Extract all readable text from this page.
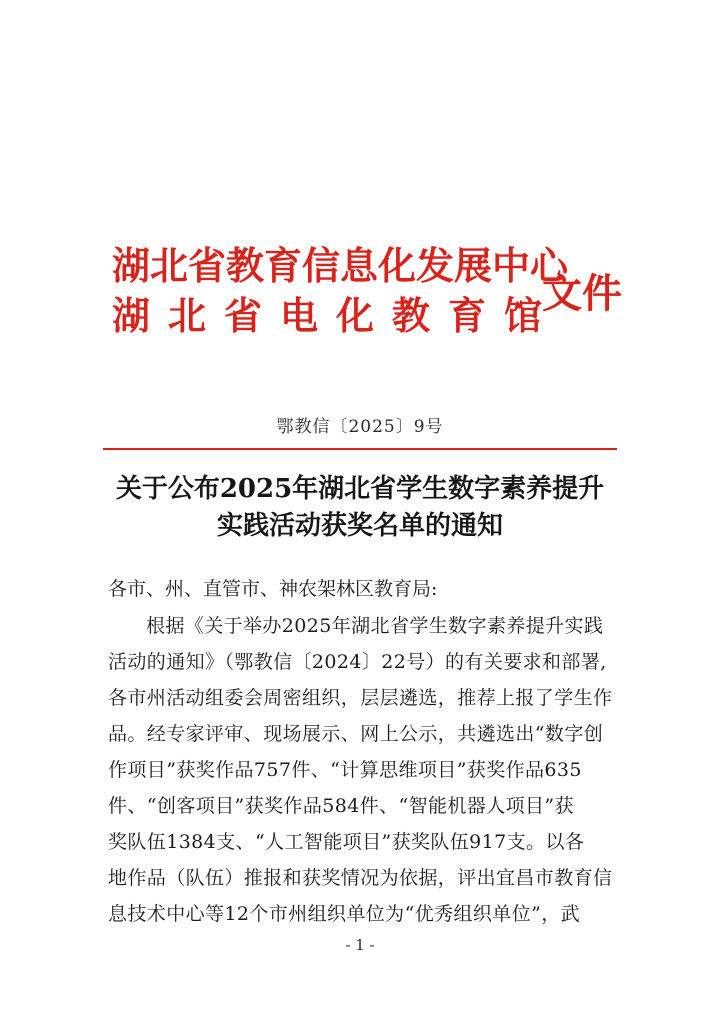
湖北省教育信息化发展中心
湖北省电化教育馆
文件
鄂教信〔2025〕9号
关于公布2025年湖北省学生数字素养提升
实践活动获奖名单的通知
各市、州、直管市、神农架林区教育局:
根据《关于举办2025年湖北省学生数字素养提升实践
活动的通知》（鄂教信〔2024〕22号）的有关要求和部署,
各市州活动组委会周密组织，层层遴选，推荐上报了学生作
品。经专家评审、现场展示、网上公示，共遴选出“数字创
作项目”获奖作品757件、“计算思维项目”获奖作品635
件、“创客项目”获奖作品584件、“智能机器人项目”获
奖队伍1384支、“人工智能项目”获奖队伍917支。以各
地作品（队伍）推报和获奖情况为依据，评出宜昌市教育信
息技术中心等12个市州组织单位为“优秀组织单位”，武
- 1 -
